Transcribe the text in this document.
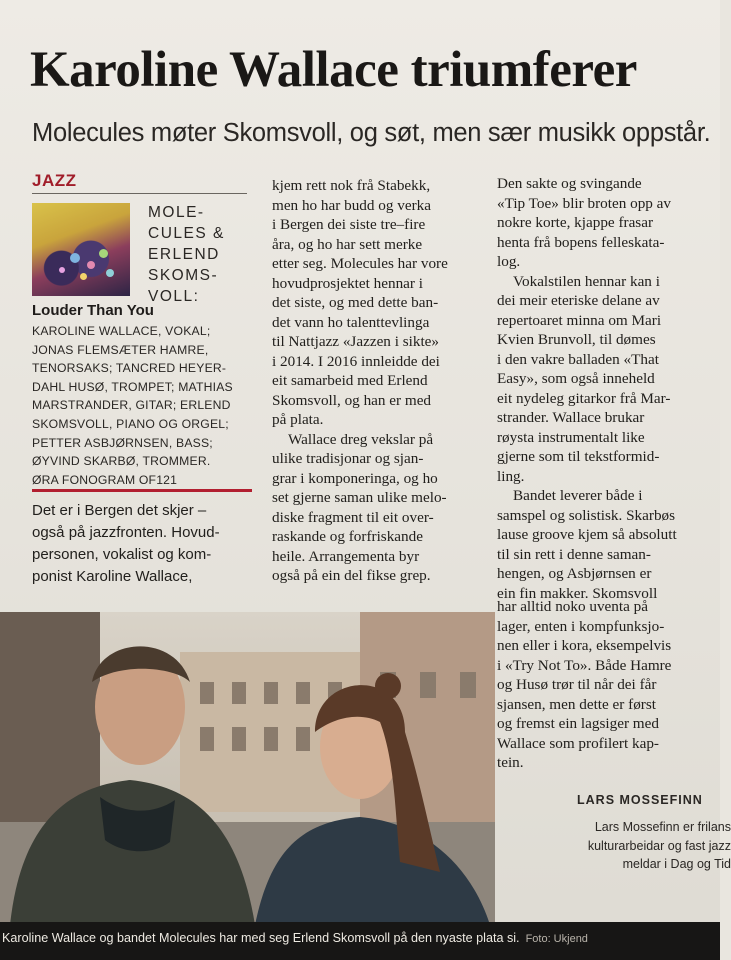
Karoline Wallace triumferer
Molecules møter Skomsvoll, og søt, men sær musikk oppstår.
JAZZ
MOLE-
CULES &
ERLEND
SKOMS-
VOLL:
Louder Than You
KAROLINE WALLACE, VOKAL;
JONAS FLEMSÆTER HAMRE,
TENORSAKS; TANCRED HEYER-
DAHL HUSØ, TROMPET; MATHIAS
MARSTRANDER, GITAR; ERLEND
SKOMSVOLL, PIANO OG ORGEL;
PETTER ASBJØRNSEN, BASS;
ØYVIND SKARBØ, TROMMER.
ØRA FONOGRAM OF121
Det er i Bergen det skjer –
også på jazzfronten. Hovud-
personen, vokalist og kom-
ponist Karoline Wallace,
kjem rett nok frå Stabekk,
men ho har budd og verka
i Bergen dei siste tre–fire
åra, og ho har sett merke
etter seg. Molecules har vore
hovudprosjektet hennar i
det siste, og med dette ban-
det vann ho talenttevlinga
til Nattjazz «Jazzen i sikte»
i 2014. I 2016 innleidde dei
eit samarbeid med Erlend
Skomsvoll, og han er med
på plata.
Wallace dreg vekslar på
ulike tradisjonar og sjan-
grar i komponeringa, og ho
set gjerne saman ulike melo-
diske fragment til eit over-
raskande og forfriskande
heile. Arrangementa byr
også på ein del fikse grep.
Den sakte og svingande
«Tip Toe» blir broten opp av
nokre korte, kjappe frasar
henta frå bopens felleskata-
log.
Vokalstilen hennar kan i
dei meir eteriske delane av
repertoaret minna om Mari
Kvien Brunvoll, til dømes
i den vakre balladen «That
Easy», som også inneheld
eit nydeleg gitarkor frå Mar-
strander. Wallace brukar
røysta instrumentalt like
gjerne som til tekstformid-
ling.
Bandet leverer både i
samspel og solistisk. Skarbøs
lause groove kjem så absolutt
til sin rett i denne saman-
hengen, og Asbjørnsen er
ein fin makker. Skomsvoll
har alltid noko uventa på
lager, enten i kompfunksjo-
nen eller i kora, eksempelvis
i «Try Not To». Både Hamre
og Husø trør til når dei får
sjansen, men dette er først
og fremst ein lagsiger med
Wallace som profilert kap-
tein.
LARS MOSSEFINN
Lars Mossefinn er frilans
kulturarbeidar og fast jazz
meldar i Dag og Tid
Karoline Wallace og bandet Molecules har med seg Erlend Skomsvoll på den nyaste plata si. Foto: Ukjend
